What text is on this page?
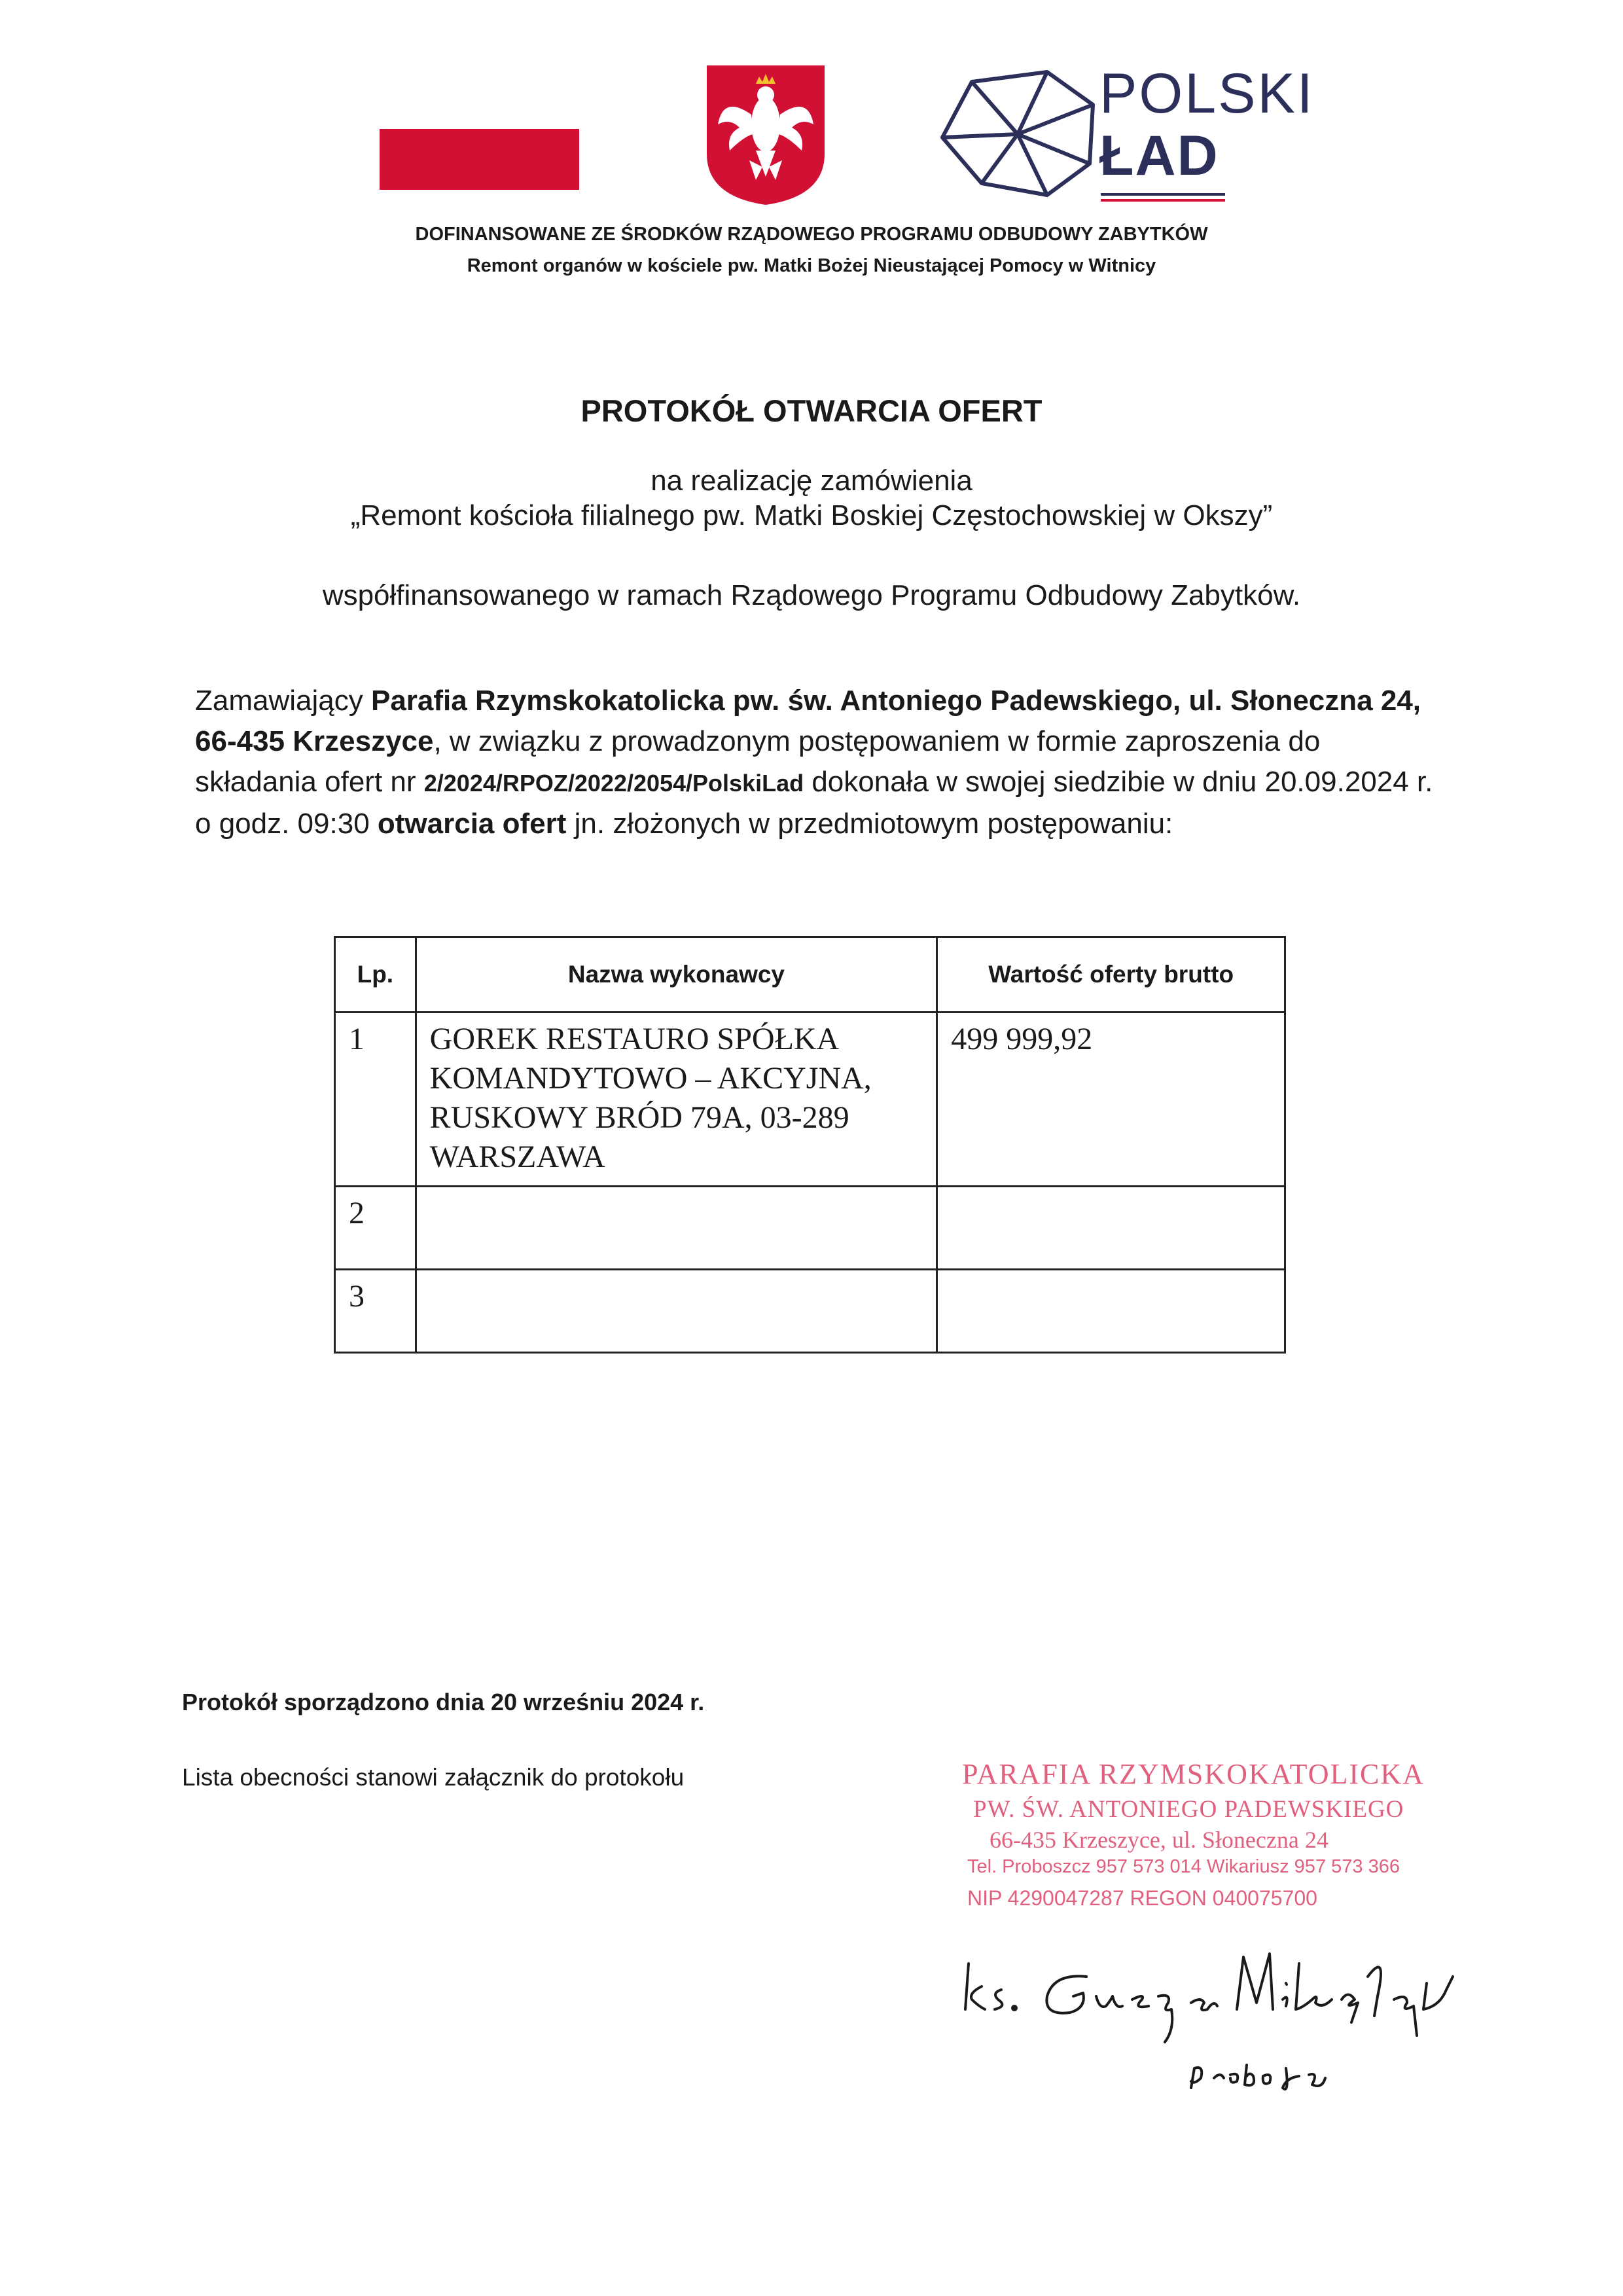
POLSKI
ŁAD
DOFINANSOWANE ZE ŚRODKÓW RZĄDOWEGO PROGRAMU ODBUDOWY ZABYTKÓW
Remont organów w kościele pw. Matki Bożej Nieustającej Pomocy w Witnicy
PROTOKÓŁ OTWARCIA OFERT
na realizację zamówienia
„Remont kościoła filialnego pw. Matki Boskiej Częstochowskiej w Okszy”
współfinansowanego w ramach Rządowego Programu Odbudowy Zabytków.
Zamawiający Parafia Rzymskokatolicka pw. św. Antoniego Padewskiego, ul. Słoneczna 24, 66-435 Krzeszyce, w związku z prowadzonym postępowaniem w formie zaproszenia do składania ofert nr 2/2024/RPOZ/2022/2054/PolskiLad dokonała w swojej siedzibie w dniu 20.09.2024 r. o godz. 09:30 otwarcia ofert jn. złożonych w przedmiotowym postępowaniu:
Lp.	Nazwa wykonawcy	Wartość oferty brutto
1	GOREK RESTAURO SPÓŁKA KOMANDYTOWO – AKCYJNA, RUSKOWY BRÓD 79A, 03-289 WARSZAWA	499 999,92
2		
3		
Protokół sporządzono dnia 20 wrześniu 2024 r.
Lista obecności stanowi załącznik do protokołu	PARAFIA RZYMSKOKATOLICKA
PW. ŚW. ANTONIEGO PADEWSKIEGO
66-435 Krzeszyce, ul. Słoneczna 24
Tel. Proboszcz 957 573 014 Wikariusz 957 573 366
NIP 4290047287 REGON 040075700
